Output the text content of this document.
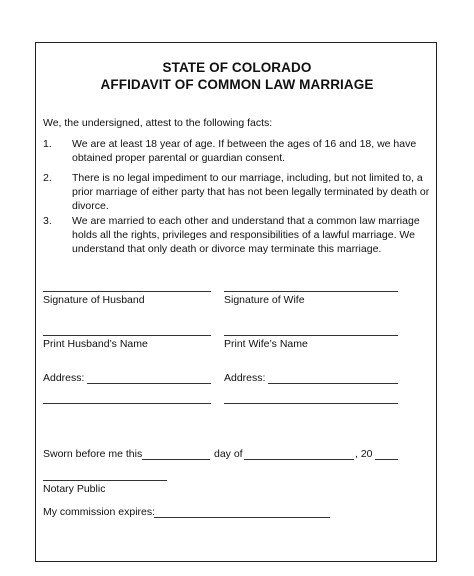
STATE OF COLORADO
AFFIDAVIT OF COMMON LAW MARRIAGE
We, the undersigned, attest to the following facts:
1. We are at least 18 year of age. If between the ages of 16 and 18, we have
obtained proper parental or guardian consent.
2. There is no legal impediment to our marriage, including, but not limited to, a
prior marriage of either party that has not been legally terminated by death or
divorce.
3. We are married to each other and understand that a common law marriage
holds all the rights, privileges and responsibilities of a lawful marriage. We
understand that only death or divorce may terminate this marriage.
Signature of Husband	Signature of Wife
Print Husband’s Name	Print Wife’s Name
Address:	Address:
Sworn before me this	day of	, 20
Notary Public
My commission expires:
